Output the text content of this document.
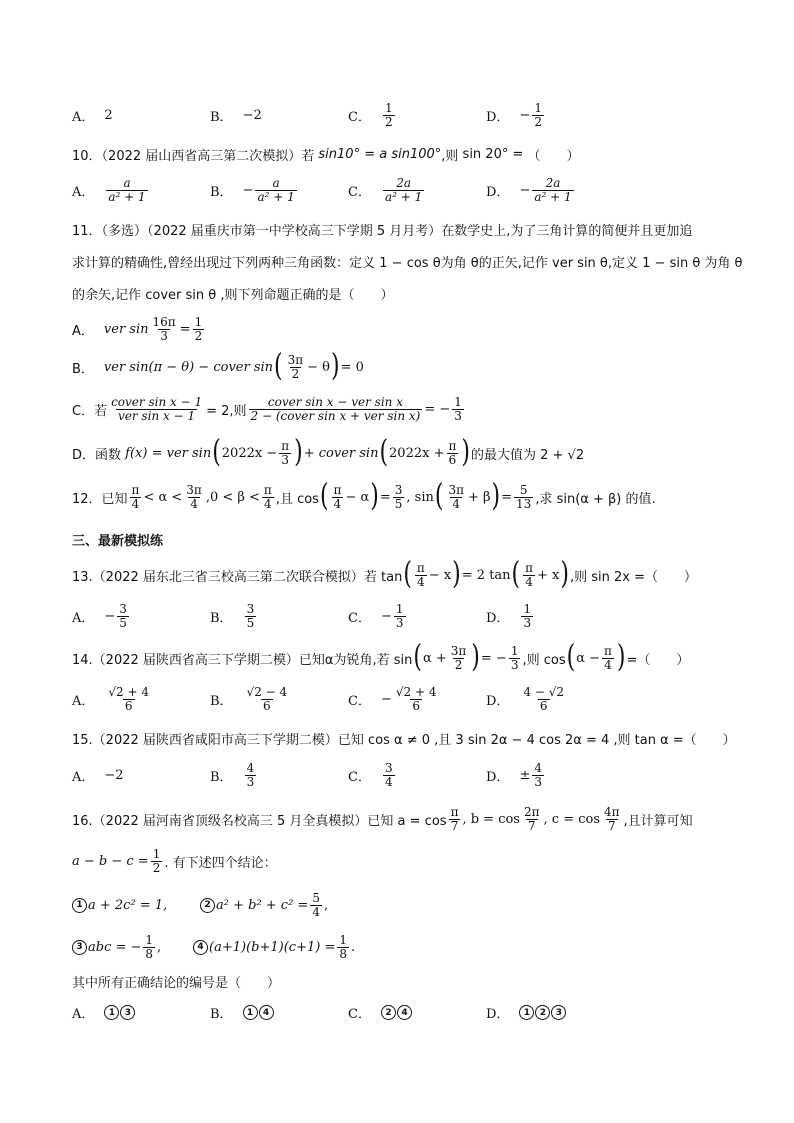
A． 2	B． −2	C． $\frac{1}{2}$	D． − $\frac{1}{2}$
10．（2022 届山西省高三第二次模拟）若
sin10° = a sin100° ,则
sin 20° =
（　　）
A． $\frac{a}{\text{a² + 1}}$	B． − $\frac{a}{\text{a² + 1}}$	C． $\frac{2a}{\text{a² + 1}}$	D． − $\frac{2a}{\text{a² + 1}}$
11．（多选）（2022 届重庆市第一中学校高三下学期 5 月月考）在数学史上,为了三角计算的简便并且更加追
求计算的精确性,曾经出现过下列两种三角函数：定义 1 − cos θ为角 θ的正矢,记作 ver sin θ,定义 1 − sin θ 为角 θ
的余矢,记作 cover sin θ ,则下列命题正确的是（　　）
A． ver $\sin \frac{16\pi}{3} = \frac{1}{2}$
B． ver sin(π − θ) − cover sin ( $\frac{3\pi}{2} - \theta$ ) = 0
C．若 $\frac{\text{cover sin x − 1}}{\text{ver sin x − 1}} = 2$,则 $\frac{\text{cover sin x − ver sin x}}{\text{2 − (cover sin x + ver sin x)}}$ = − $\frac{1}{3}$
D．函数
f(x) = ver sin ( $2022x - \frac{\pi}{3}$ ) + cover sin ( $2022x + \frac{\pi}{6}$ ) 的最大值为 2 + √2
12．已知 $\frac{\pi}{4} < \alpha < \frac{3\pi}{4} ,0 < \beta < \frac{\pi}{4}$ ,且 cos ( $\frac{\pi}{4} - \alpha$ ) = $\frac{3}{5}$ , sin ( $\frac{3\pi}{4} + \beta$ ) = $\frac{5}{13}$ ,求 sin(α + β) 的值.
三、最新模拟练
13.（2022 届东北三省三校高三第二次联合模拟）若 tan ( $\frac{\pi}{4} - x$ ) = 2 tan ( $\frac{\pi}{4} + x$ ) ,则 sin 2x =（　　）
A． − $\frac{3}{5}$	B． $\frac{3}{5}$	C． − $\frac{1}{3}$	D． $\frac{1}{3}$
14.（2022 届陕西省高三下学期二模）已知α为锐角,若 sin ( $\alpha + \frac{3\pi}{2}$ ) = − $\frac{1}{3}$ ,则 cos ( $\alpha - \frac{\pi}{4}$ ) =（　　）
A． $\frac{√2 + 4}{6}$	B． $\frac{√2 - 4}{6}$	C． − $\frac{√2 + 4}{6}$	D． $\frac{4 - √2}{6}$
15.（2022 届陕西省咸阳市高三下学期二模）已知 cos α ≠ 0 ,且 3 sin 2α − 4 cos 2α = 4 ,则 tan α =（　　）
A． −2	B． $\frac{4}{3}$	C． $\frac{3}{4}$	D． ± $\frac{4}{3}$
16.（2022 届河南省顶级名校高三 5 月全真模拟）已知 $a = \cos \frac{\pi}{7}$ , $b = \cos \frac{2\pi}{7}$ , $c = \cos \frac{4\pi}{7}$ ,且计算可知
$a - b - c = \frac{1}{2}$ . 有下述四个结论：
1 a + 2c² = 1,	2 $a^2 + b^2 + c^2 = \frac{5}{4}$ ,
3 abc = − $\frac{1}{8}$ ,	4 $(a+1)(b+1)(c+1) = \frac{1}{8}$ .
其中所有正确结论的编号是（　　）
A．	1	3	B．	1	4	C．	2	4	D．	1	2	3
